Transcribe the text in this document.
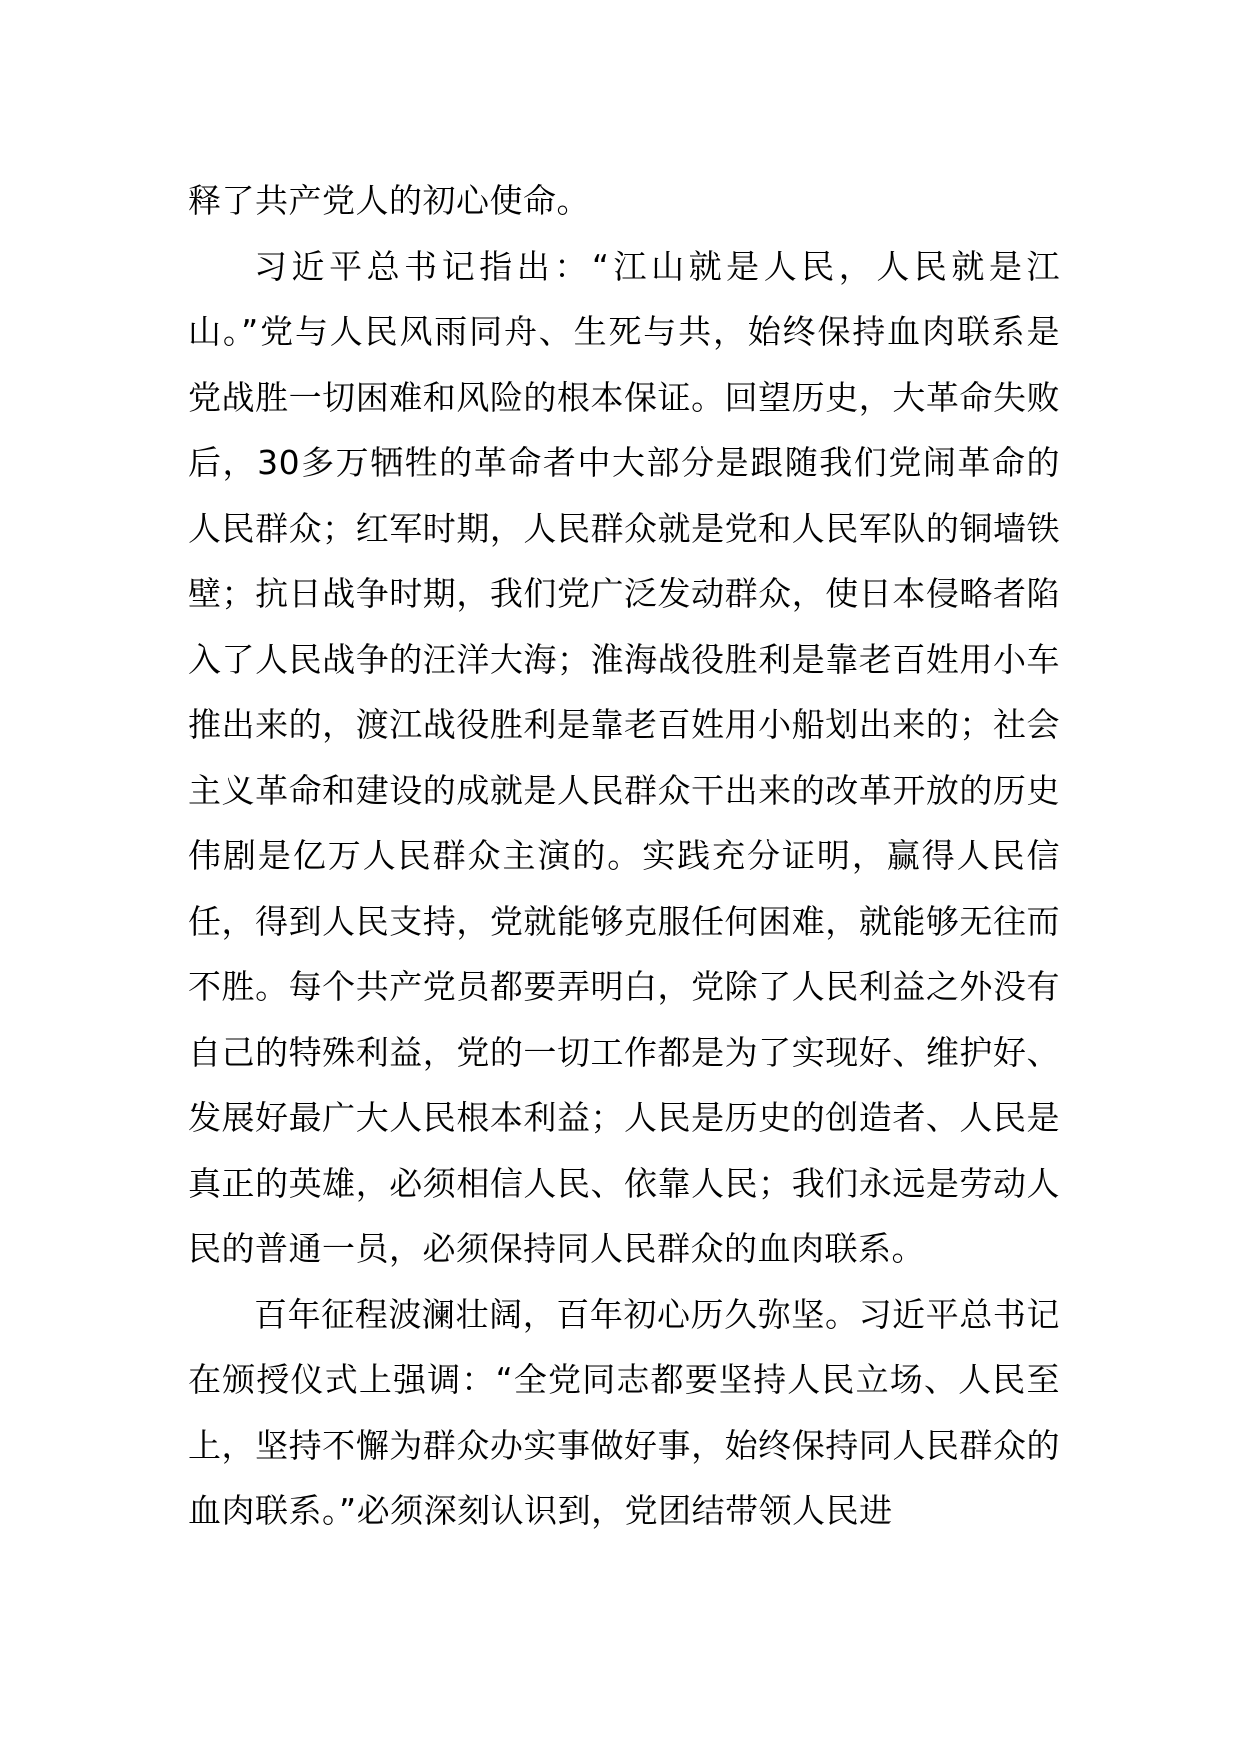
释了共产党人的初心使命。

习近平总书记指出：“江山就是人民，人民就是江山。”党与人民风雨同舟、生死与共，始终保持血肉联系是党战胜一切困难和风险的根本保证。回望历史，大革命失败后，30多万牺牲的革命者中大部分是跟随我们党闹革命的人民群众；红军时期，人民群众就是党和人民军队的铜墙铁壁；抗日战争时期，我们党广泛发动群众，使日本侵略者陷入了人民战争的汪洋大海；淮海战役胜利是靠老百姓用小车推出来的，渡江战役胜利是靠老百姓用小船划出来的；社会主义革命和建设的成就是人民群众干出来的改革开放的历史伟剧是亿万人民群众主演的。实践充分证明，赢得人民信任，得到人民支持，党就能够克服任何困难，就能够无往而不胜。每个共产党员都要弄明白，党除了人民利益之外没有自己的特殊利益，党的一切工作都是为了实现好、维护好、发展好最广大人民根本利益；人民是历史的创造者、人民是真正的英雄，必须相信人民、依靠人民；我们永远是劳动人民的普通一员，必须保持同人民群众的血肉联系。

百年征程波澜壮阔，百年初心历久弥坚。习近平总书记在颁授仪式上强调：“全党同志都要坚持人民立场、人民至上，坚持不懈为群众办实事做好事，始终保持同人民群众的血肉联系。”必须深刻认识到，党团结带领人民进
